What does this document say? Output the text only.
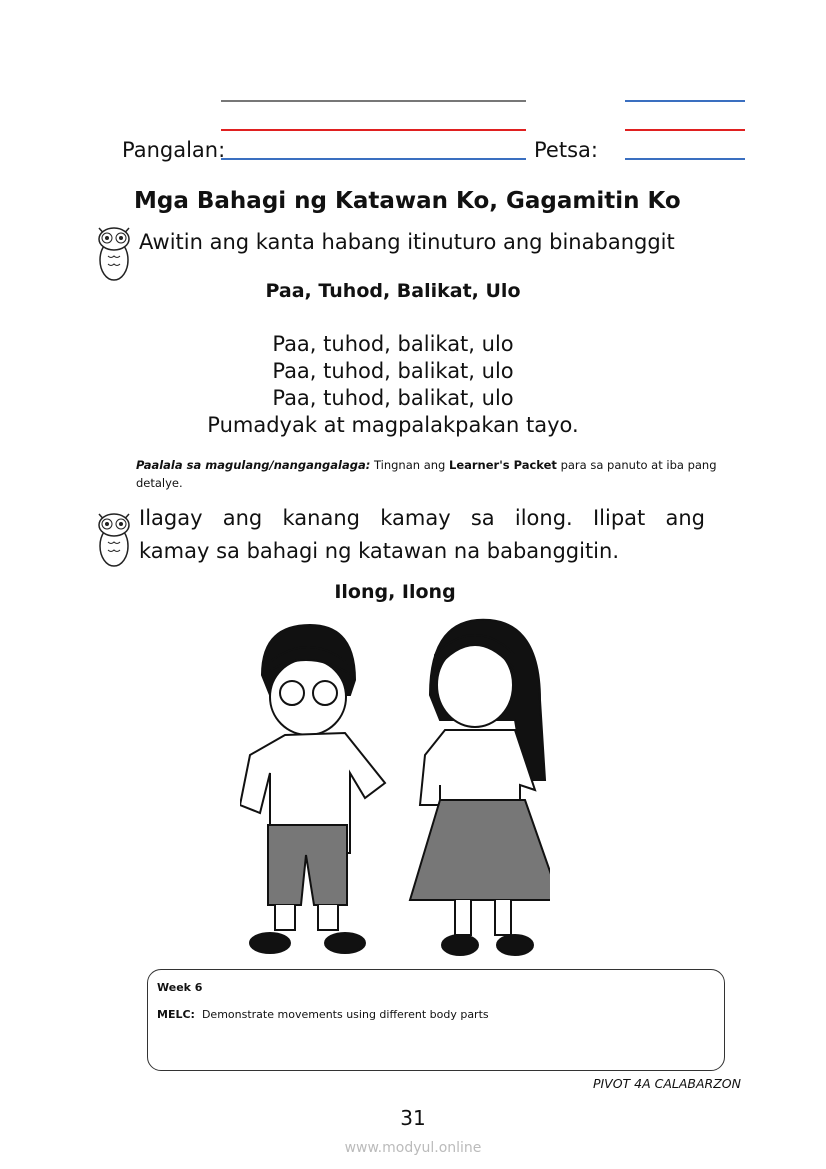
Pangalan:	Petsa:
Mga Bahagi ng Katawan Ko, Gagamitin Ko
Awitin ang kanta habang itinuturo ang binabanggit
Paa, Tuhod, Balikat, Ulo
Paa, tuhod, balikat, ulo
Paa, tuhod, balikat, ulo
Paa, tuhod, balikat, ulo
Pumadyak at magpalakpakan tayo.
Paalala sa magulang/nangangalaga: Tingnan ang Learner's Packet para sa panuto at iba pang detalye.
Ilagay ang kanang kamay sa ilong. Ilipat ang
kamay sa bahagi ng katawan na babanggitin.
Ilong, Ilong
Week 6
MELC: Demonstrate movements using different body parts
PIVOT 4A CALABARZON
31
www.modyul.online
